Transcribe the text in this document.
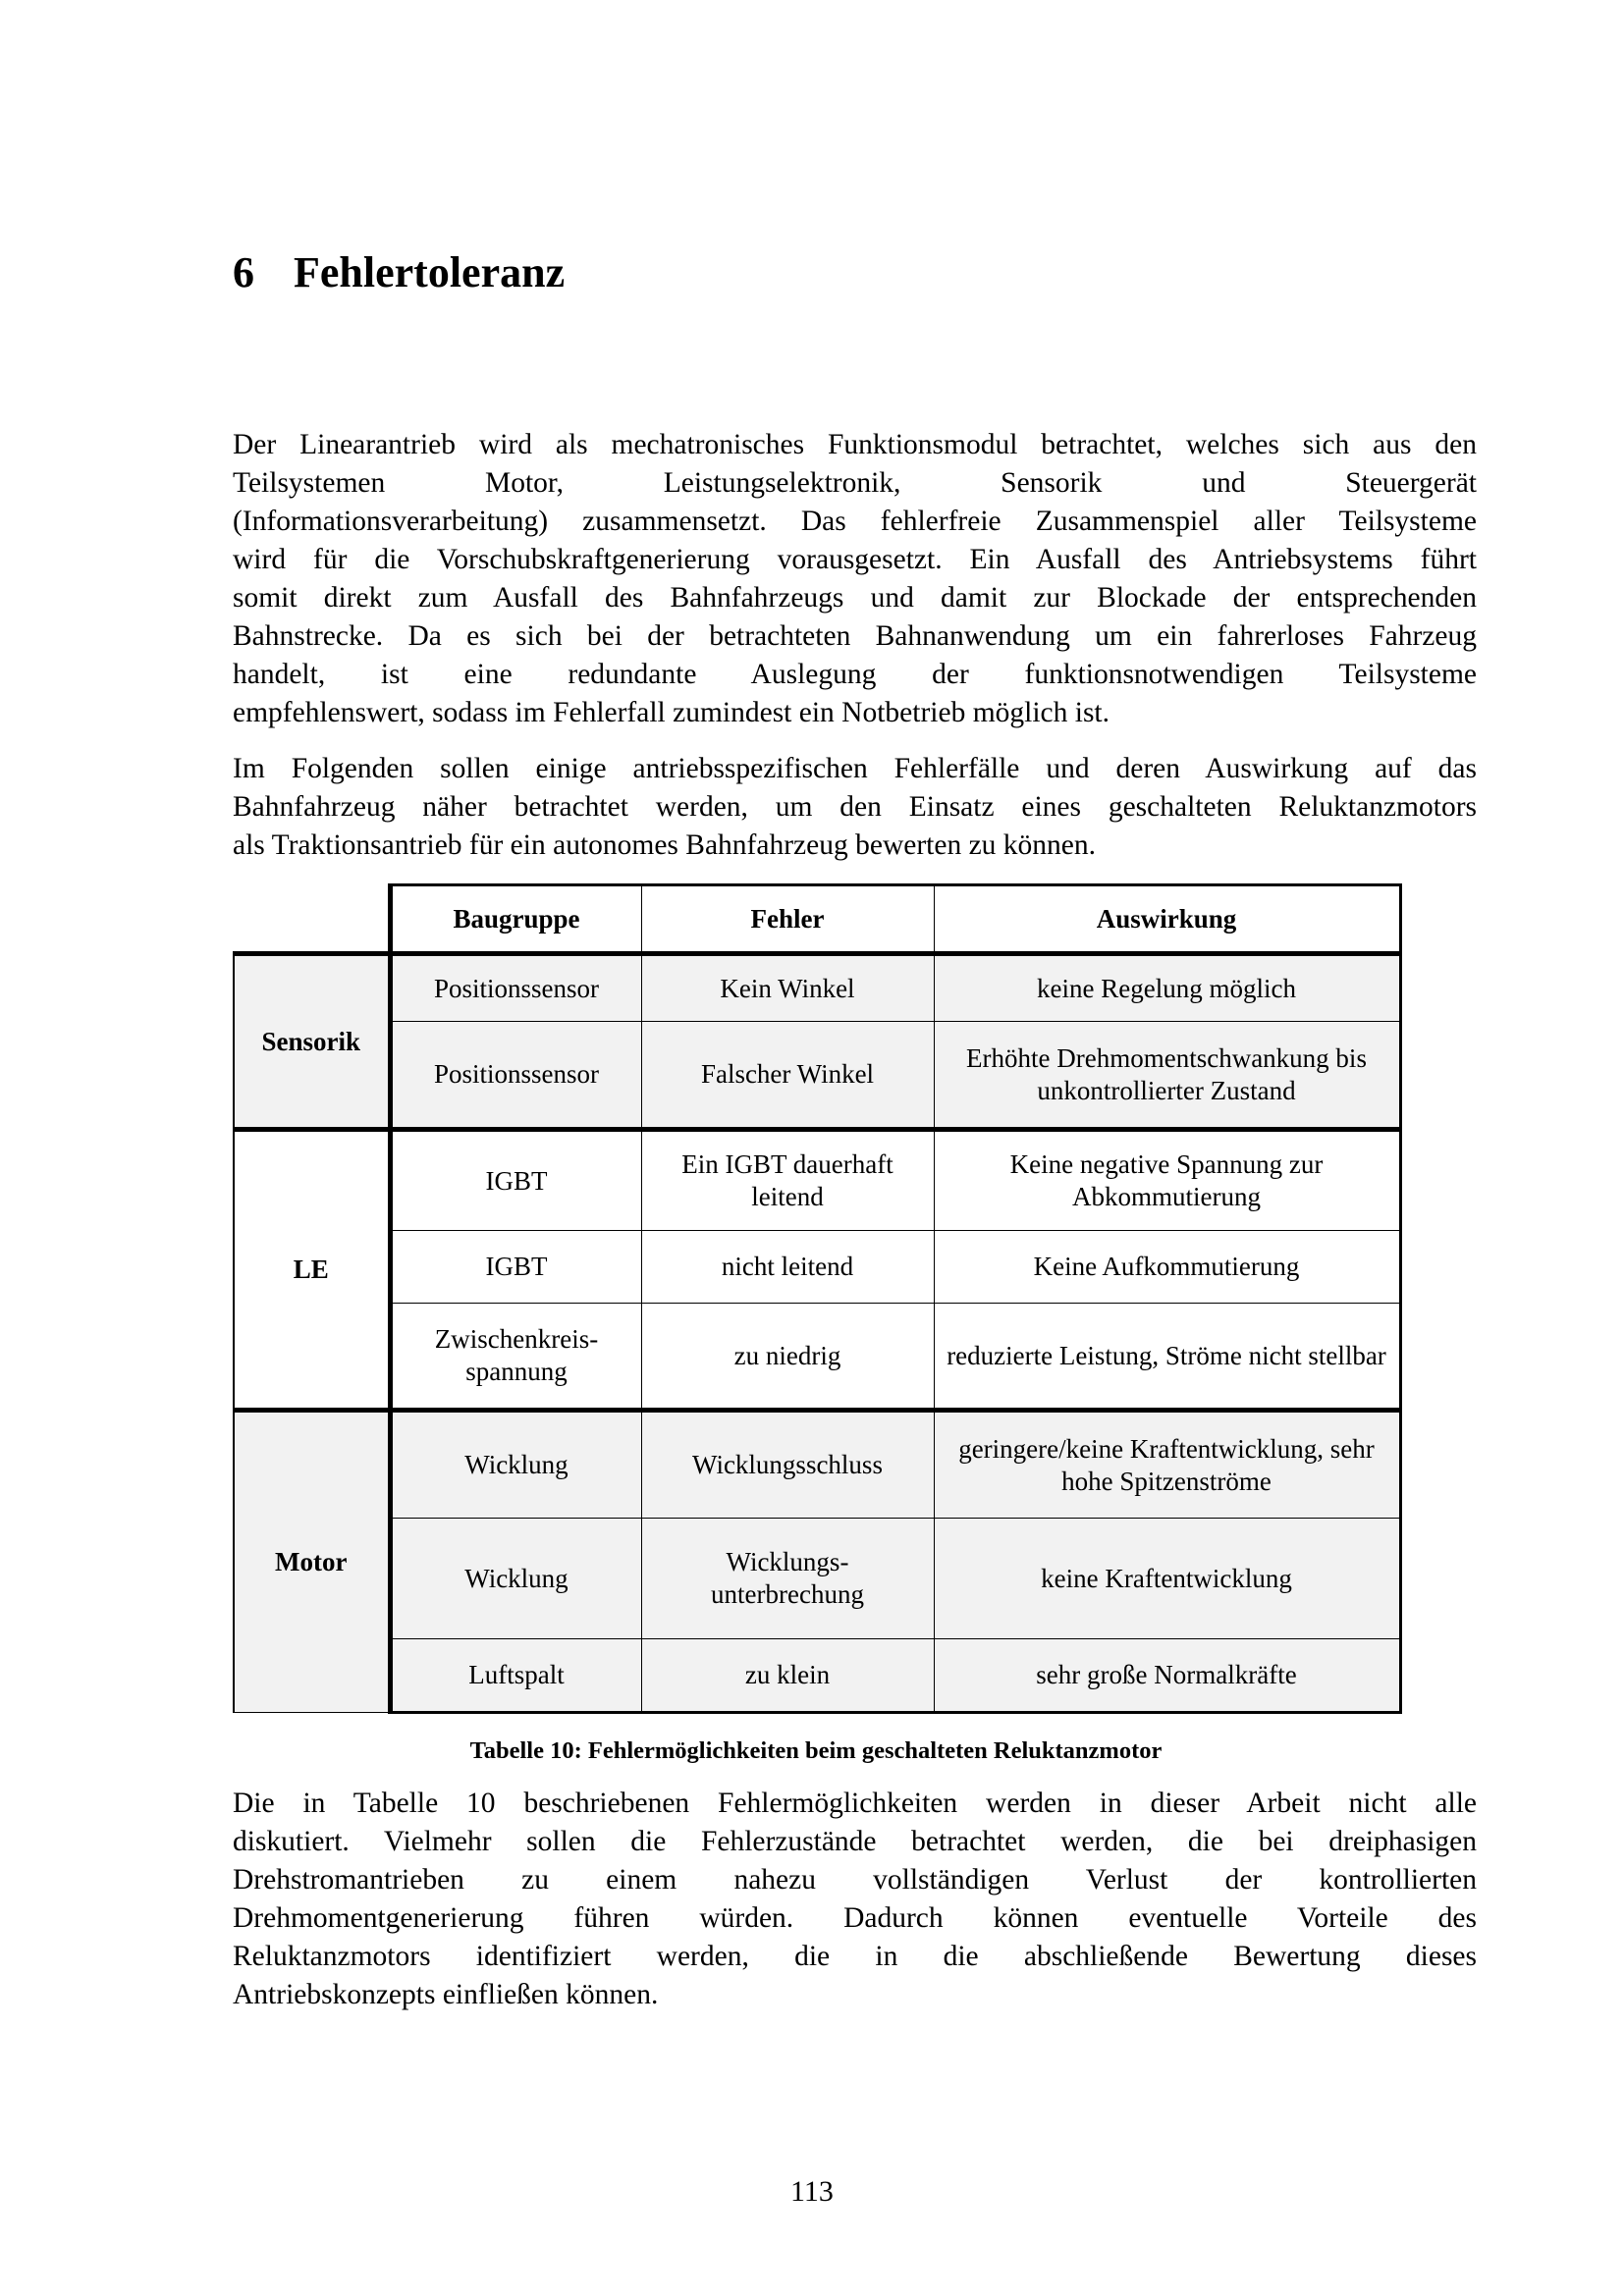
6 Fehlertoleranz
Der Linearantrieb wird als mechatronisches Funktionsmodul betrachtet, welches sich aus den
Teilsystemen Motor, Leistungselektronik, Sensorik und Steuergerät
(Informationsverarbeitung) zusammensetzt. Das fehlerfreie Zusammenspiel aller Teilsysteme
wird für die Vorschubskraftgenerierung vorausgesetzt. Ein Ausfall des Antriebsystems führt
somit direkt zum Ausfall des Bahnfahrzeugs und damit zur Blockade der entsprechenden
Bahnstrecke. Da es sich bei der betrachteten Bahnanwendung um ein fahrerloses Fahrzeug
handelt, ist eine redundante Auslegung der funktionsnotwendigen Teilsysteme
empfehlenswert, sodass im Fehlerfall zumindest ein Notbetrieb möglich ist.
Im Folgenden sollen einige antriebsspezifischen Fehlerfälle und deren Auswirkung auf das
Bahnfahrzeug näher betrachtet werden, um den Einsatz eines geschalteten Reluktanzmotors
als Traktionsantrieb für ein autonomes Bahnfahrzeug bewerten zu können.
	Baugruppe	Fehler	Auswirkung
Sensorik	Positionssensor	Kein Winkel	keine Regelung möglich
	Positionssensor	Falscher Winkel	Erhöhte Drehmomentschwankung bis unkontrollierter Zustand
LE	IGBT	Ein IGBT dauerhaft leitend	Keine negative Spannung zur Abkommutierung
	IGBT	nicht leitend	Keine Aufkommutierung
	Zwischenkreis-spannung	zu niedrig	reduzierte Leistung, Ströme nicht stellbar
Motor	Wicklung	Wicklungsschluss	geringere/keine Kraftentwicklung, sehr hohe Spitzenströme
	Wicklung	Wicklungs-unterbrechung	keine Kraftentwicklung
	Luftspalt	zu klein	sehr große Normalkräfte
Tabelle 10: Fehlermöglichkeiten beim geschalteten Reluktanzmotor
Die in Tabelle 10 beschriebenen Fehlermöglichkeiten werden in dieser Arbeit nicht alle
diskutiert. Vielmehr sollen die Fehlerzustände betrachtet werden, die bei dreiphasigen
Drehstromantrieben zu einem nahezu vollständigen Verlust der kontrollierten
Drehmomentgenerierung führen würden. Dadurch können eventuelle Vorteile des
Reluktanzmotors identifiziert werden, die in die abschließende Bewertung dieses
Antriebskonzepts einfließen können.
113
